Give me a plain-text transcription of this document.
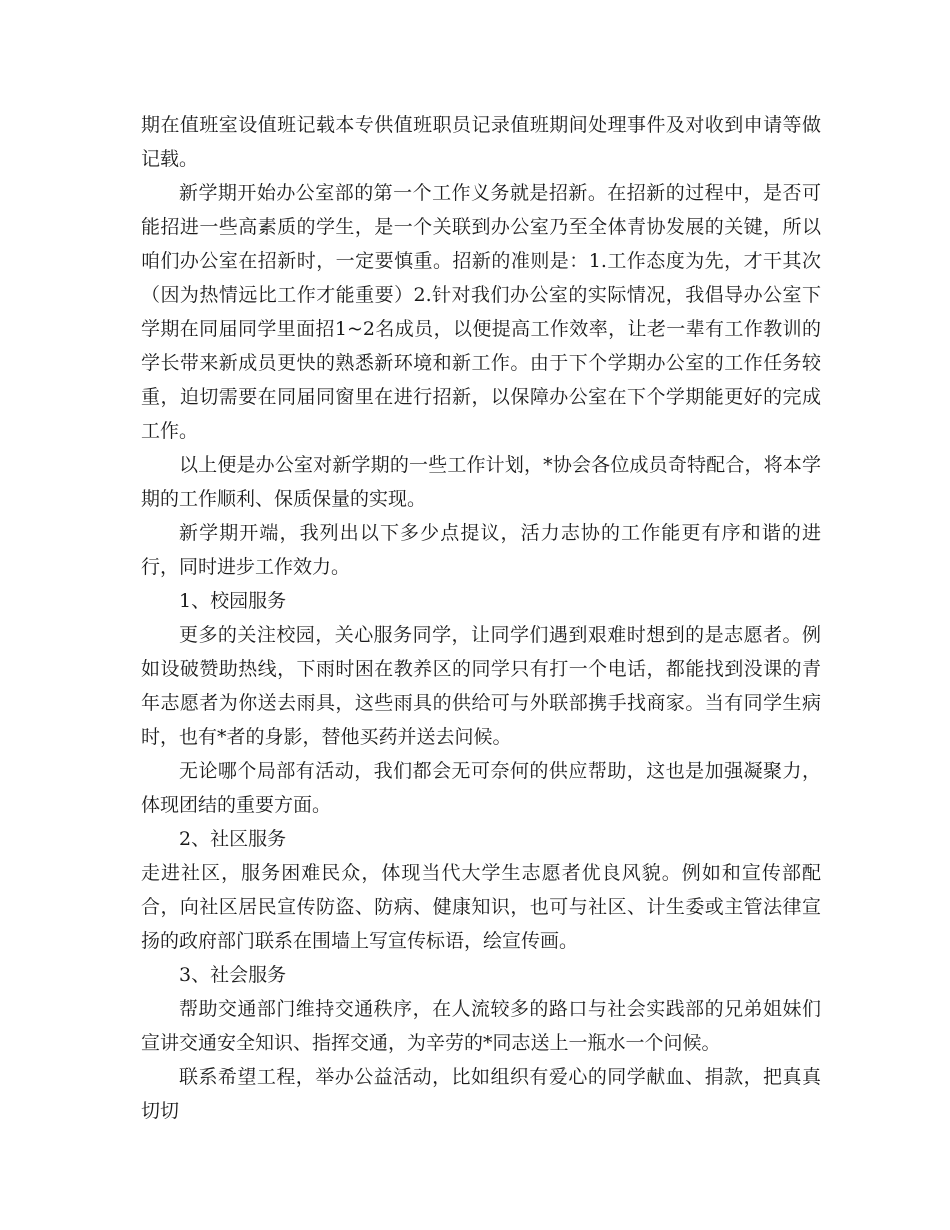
期在值班室设值班记载本专供值班职员记录值班期间处理事件及对收到申请等做记载。

新学期开始办公室部的第一个工作义务就是招新。在招新的过程中，是否可能招进一些高素质的学生，是一个关联到办公室乃至全体青协发展的关键，所以咱们办公室在招新时，一定要慎重。招新的准则是：1.工作态度为先，才干其次（因为热情远比工作才能重要）2.针对我们办公室的实际情况，我倡导办公室下学期在同届同学里面招1~2名成员，以便提高工作效率，让老一辈有工作教训的学长带来新成员更快的熟悉新环境和新工作。由于下个学期办公室的工作任务较重，迫切需要在同届同窗里在进行招新，以保障办公室在下个学期能更好的完成工作。

以上便是办公室对新学期的一些工作计划，*协会各位成员奇特配合，将本学期的工作顺利、保质保量的实现。

新学期开端，我列出以下多少点提议，活力志协的工作能更有序和谐的进行，同时进步工作效力。

1、校园服务

更多的关注校园，关心服务同学，让同学们遇到艰难时想到的是志愿者。例如设破赞助热线，下雨时困在教养区的同学只有打一个电话，都能找到没课的青年志愿者为你送去雨具，这些雨具的供给可与外联部携手找商家。当有同学生病时，也有*者的身影，替他买药并送去问候。

无论哪个局部有活动，我们都会无可奈何的供应帮助，这也是加强凝聚力，体现团结的重要方面。

2、社区服务

走进社区，服务困难民众，体现当代大学生志愿者优良风貌。例如和宣传部配合，向社区居民宣传防盗、防病、健康知识，也可与社区、计生委或主管法律宣扬的政府部门联系在围墙上写宣传标语，绘宣传画。

3、社会服务

帮助交通部门维持交通秩序，在人流较多的路口与社会实践部的兄弟姐妹们宣讲交通安全知识、指挥交通，为辛劳的*同志送上一瓶水一个问候。

联系希望工程，举办公益活动，比如组织有爱心的同学献血、捐款，把真真切切
